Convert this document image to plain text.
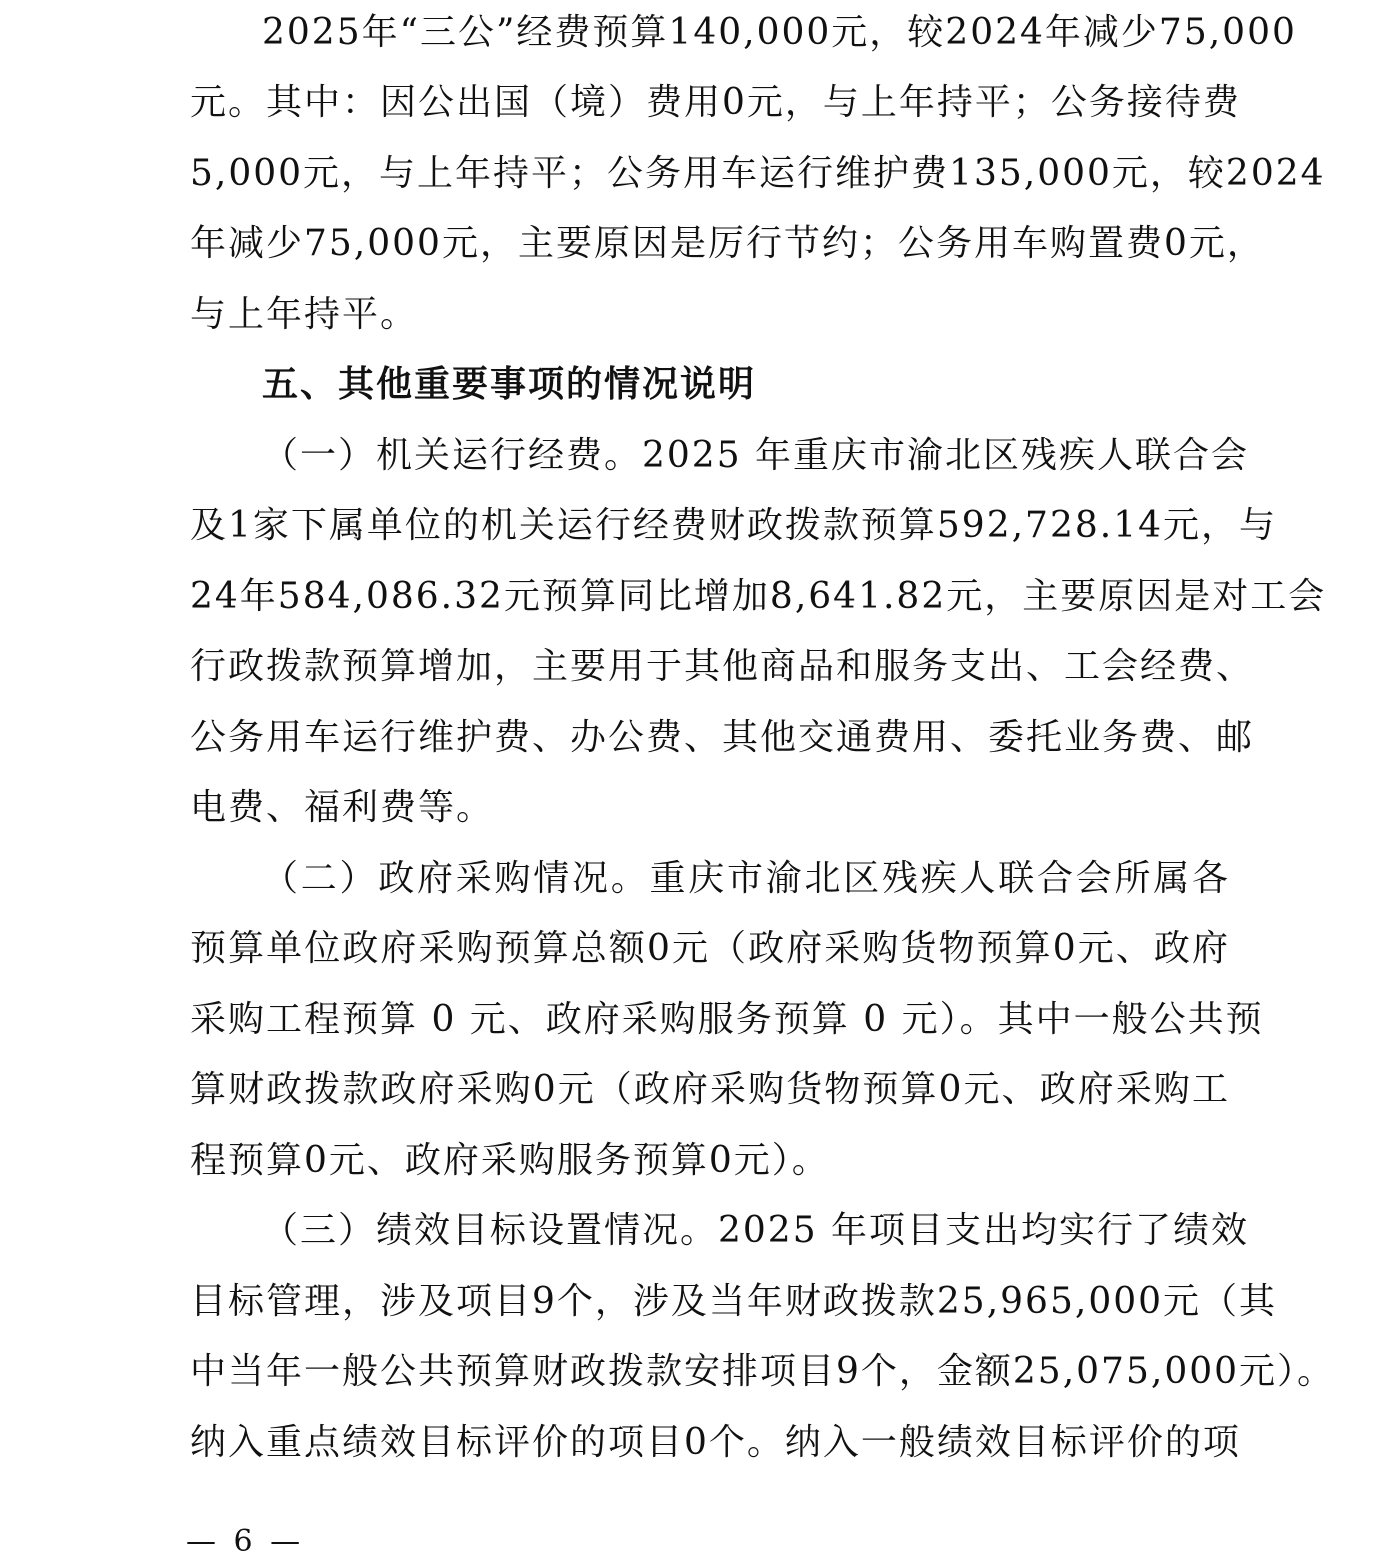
2025年“三公”经费预算140,000元，较2024年减少75,000
元。其中：因公出国（境）费用0元，与上年持平；公务接待费
5,000元，与上年持平；公务用车运行维护费135,000元，较2024
年减少75,000元，主要原因是厉行节约；公务用车购置费0元，
与上年持平。
五、其他重要事项的情况说明
（一）机关运行经费。2025 年重庆市渝北区残疾人联合会
及1家下属单位的机关运行经费财政拨款预算592,728.14元，与
24年584,086.32元预算同比增加8,641.82元，主要原因是对工会
行政拨款预算增加，主要用于其他商品和服务支出、工会经费、
公务用车运行维护费、办公费、其他交通费用、委托业务费、邮
电费、福利费等。
（二）政府采购情况。重庆市渝北区残疾人联合会所属各
预算单位政府采购预算总额0元（政府采购货物预算0元、政府
采购工程预算 0 元、政府采购服务预算 0 元）。其中一般公共预
算财政拨款政府采购0元（政府采购货物预算0元、政府采购工
程预算0元、政府采购服务预算0元）。
（三）绩效目标设置情况。2025 年项目支出均实行了绩效
目标管理，涉及项目9个，涉及当年财政拨款25,965,000元（其
中当年一般公共预算财政拨款安排项目9个，金额25,075,000元）。
纳入重点绩效目标评价的项目0个。纳入一般绩效目标评价的项
— 6 —
